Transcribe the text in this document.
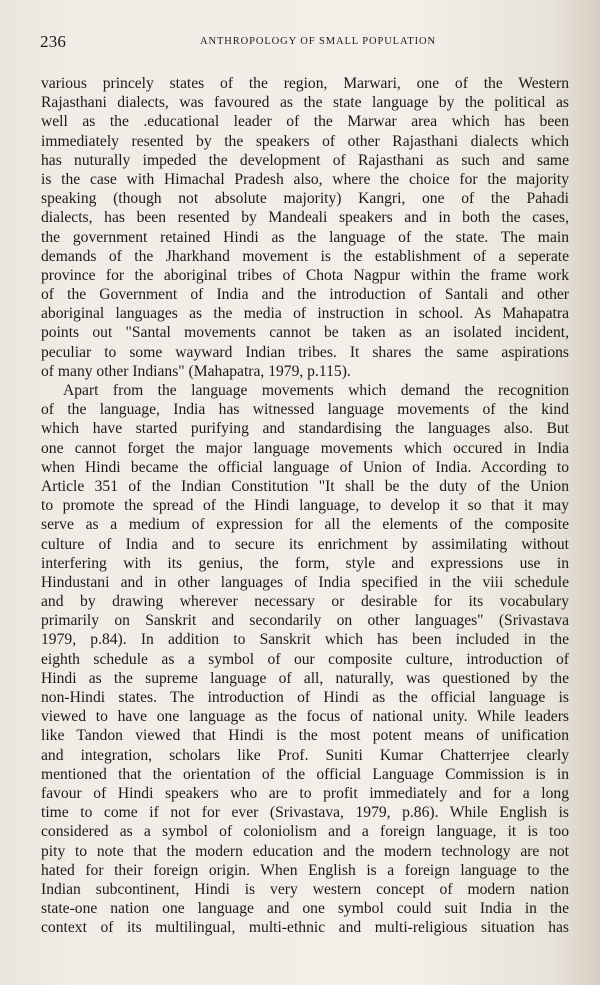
236	ANTHROPOLOGY OF SMALL POPULATION
various princely states of the region, Marwari, one of the Western
Rajasthani dialects, was favoured as the state language by the political as
well as the .educational leader of the Marwar area which has been
immediately resented by the speakers of other Rajasthani dialects which
has nuturally impeded the development of Rajasthani as such and same
is the case with Himachal Pradesh also, where the choice for the majority
speaking (though not absolute majority) Kangri, one of the Pahadi
dialects, has been resented by Mandeali speakers and in both the cases,
the government retained Hindi as the language of the state. The main
demands of the Jharkhand movement is the establishment of a seperate
province for the aboriginal tribes of Chota Nagpur within the frame work
of the Government of India and the introduction of Santali and other
aboriginal languages as the media of instruction in school. As Mahapatra
points out "Santal movements cannot be taken as an isolated incident,
peculiar to some wayward Indian tribes. It shares the same aspirations
of many other Indians" (Mahapatra, 1979, p.115).
Apart from the language movements which demand the recognition
of the language, India has witnessed language movements of the kind
which have started purifying and standardising the languages also. But
one cannot forget the major language movements which occured in India
when Hindi became the official language of Union of India. According to
Article 351 of the Indian Constitution "It shall be the duty of the Union
to promote the spread of the Hindi language, to develop it so that it may
serve as a medium of expression for all the elements of the composite
culture of India and to secure its enrichment by assimilating without
interfering with its genius, the form, style and expressions use in
Hindustani and in other languages of India specified in the viii schedule
and by drawing wherever necessary or desirable for its vocabulary
primarily on Sanskrit and secondarily on other languages" (Srivastava
1979, p.84). In addition to Sanskrit which has been included in the
eighth schedule as a symbol of our composite culture, introduction of
Hindi as the supreme language of all, naturally, was questioned by the
non-Hindi states. The introduction of Hindi as the official language is
viewed to have one language as the focus of national unity. While leaders
like Tandon viewed that Hindi is the most potent means of unification
and integration, scholars like Prof. Suniti Kumar Chatterrjee clearly
mentioned that the orientation of the official Language Commission is in
favour of Hindi speakers who are to profit immediately and for a long
time to come if not for ever (Srivastava, 1979, p.86). While English is
considered as a symbol of coloniolism and a foreign language, it is too
pity to note that the modern education and the modern technology are not
hated for their foreign origin. When English is a foreign language to the
Indian subcontinent, Hindi is very western concept of modern nation
state-one nation one language and one symbol could suit India in the
context of its multilingual, multi-ethnic and multi-religious situation has
